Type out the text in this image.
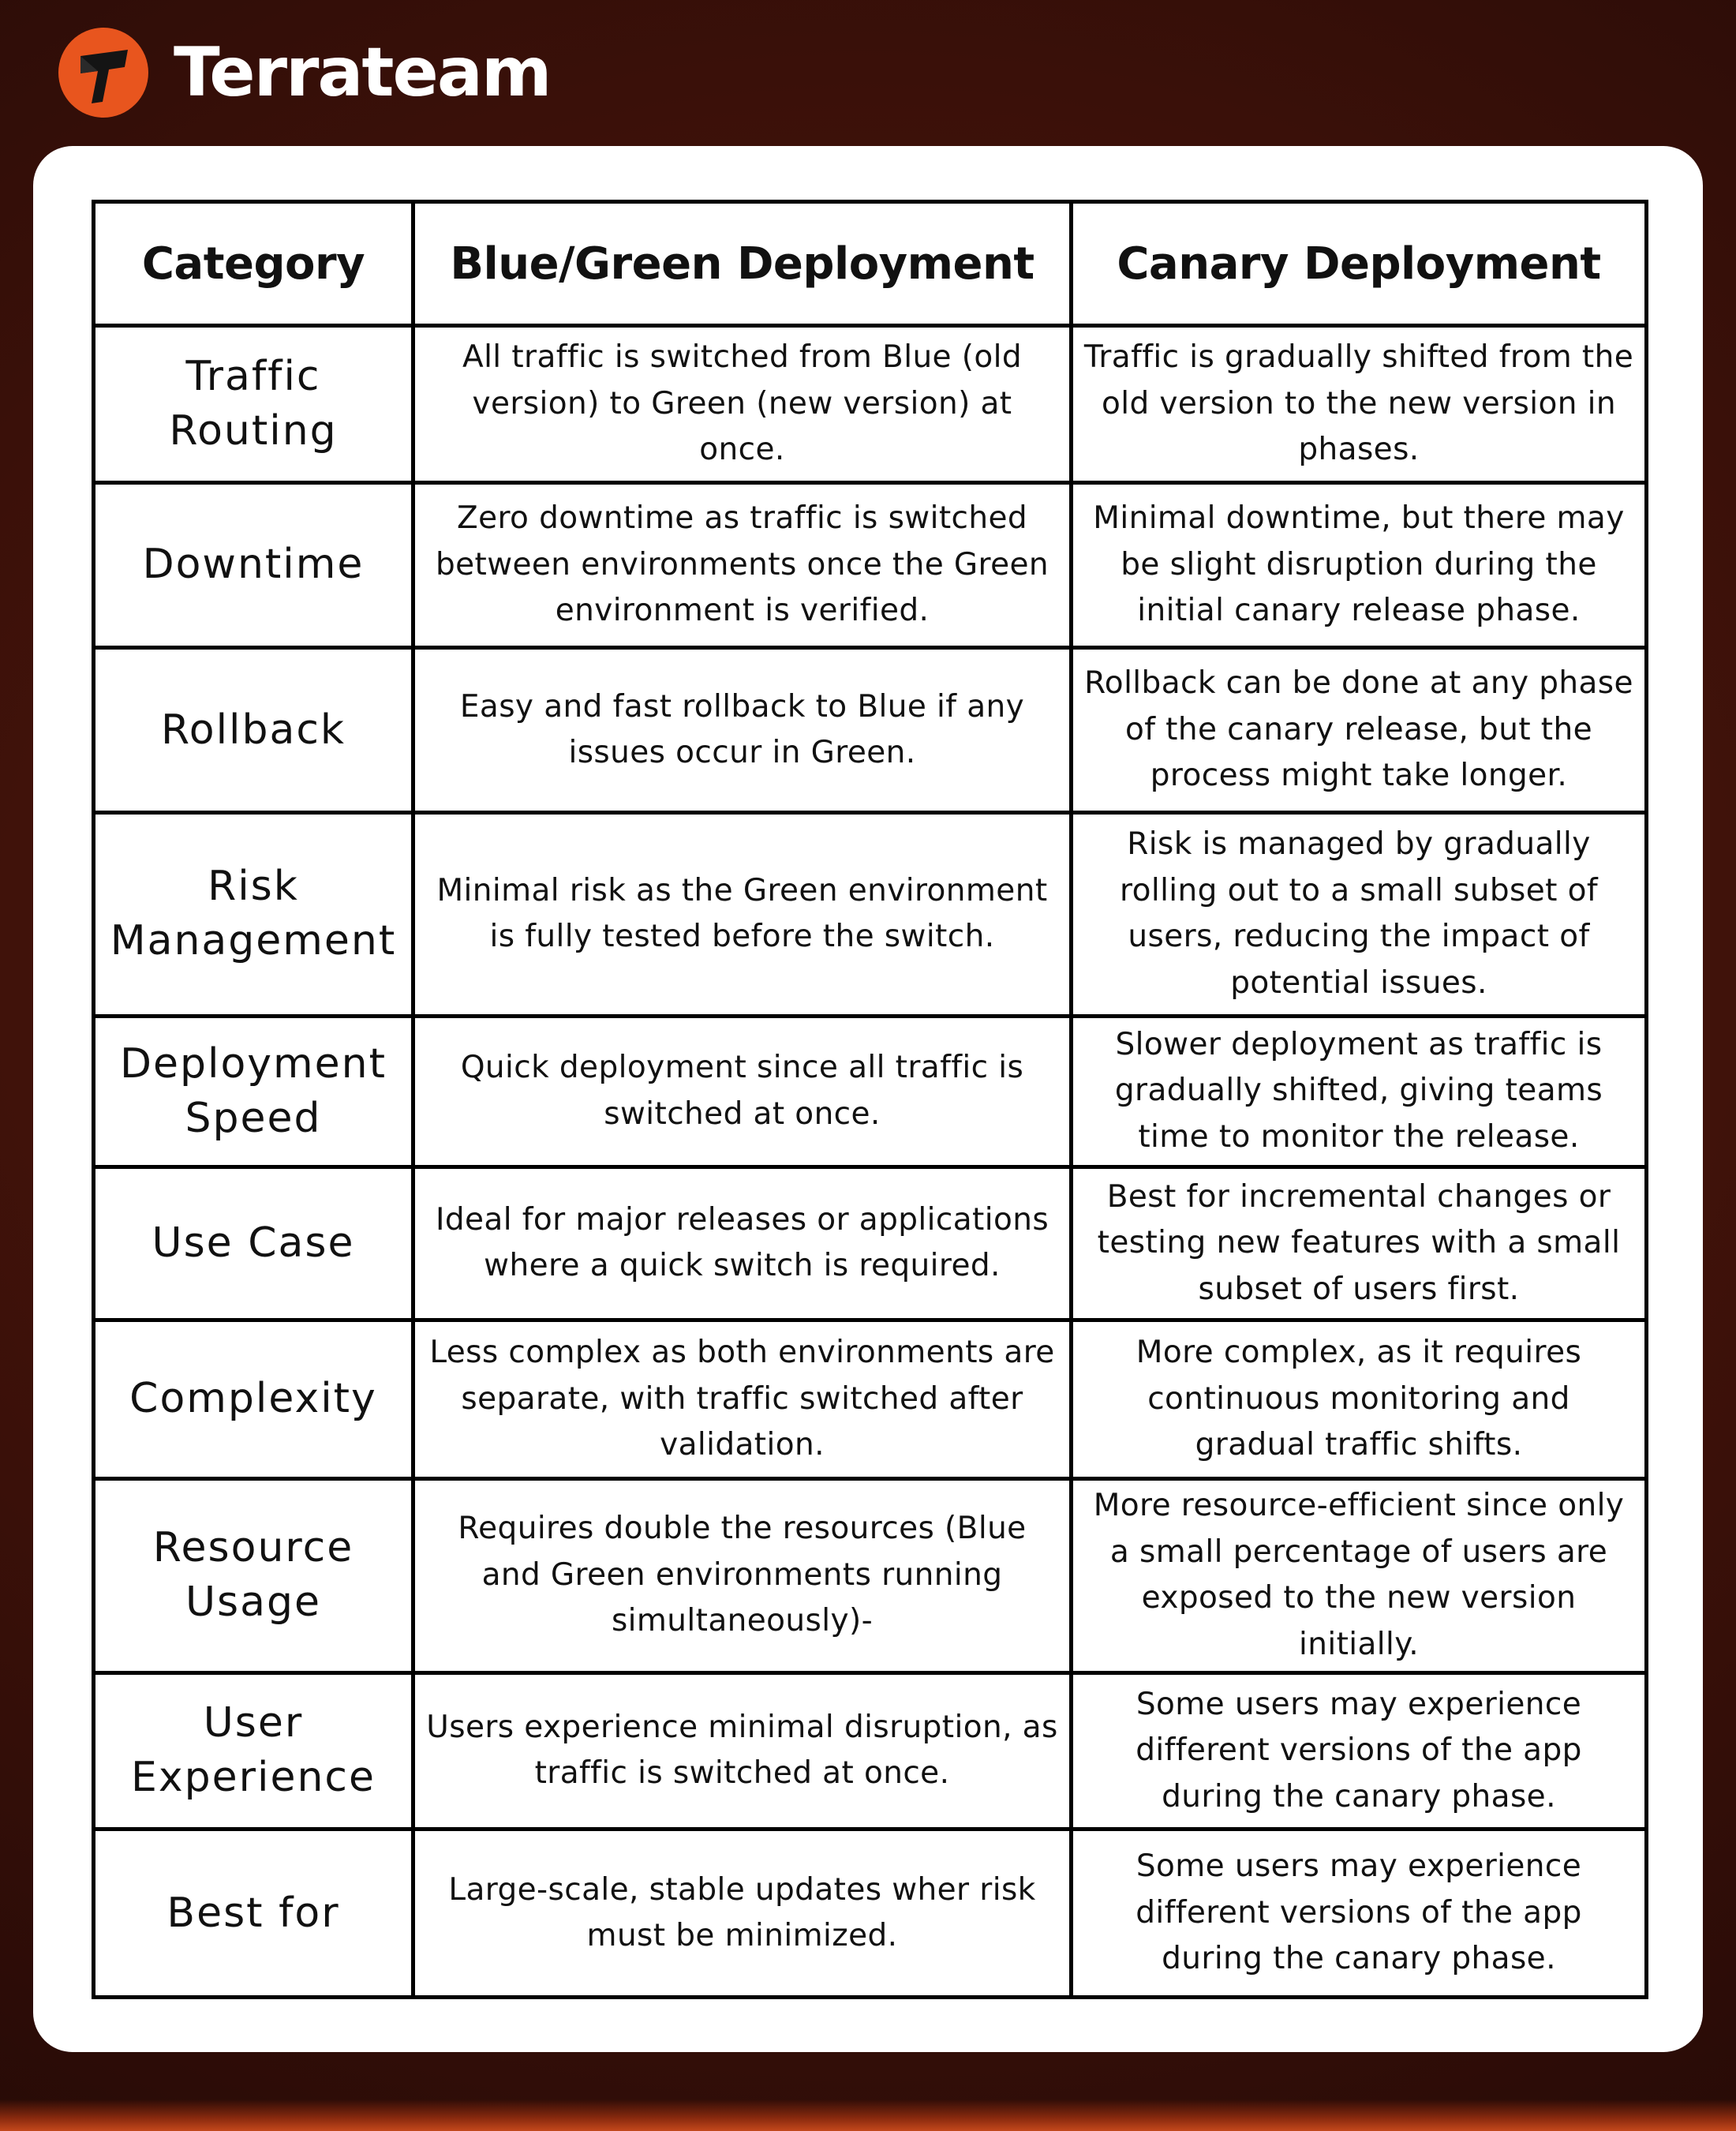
Terrateam
Category	Blue/Green Deployment	Canary Deployment
Traffic Routing	All traffic is switched from Blue (old version) to Green (new version) at once.	Traffic is gradually shifted from the old version to the new version in phases.
Downtime	Zero downtime as traffic is switched between environments once the Green environment is verified.	Minimal downtime, but there may be slight disruption during the initial canary release phase.
Rollback	Easy and fast rollback to Blue if any issues occur in Green.	Rollback can be done at any phase of the canary release, but the process might take longer.
Risk Management	Minimal risk as the Green environment is fully tested before the switch.	Risk is managed by gradually rolling out to a small subset of users, reducing the impact of potential issues.
Deployment Speed	Quick deployment since all traffic is switched at once.	Slower deployment as traffic is gradually shifted, giving teams time to monitor the release.
Use Case	Ideal for major releases or applications where a quick switch is required.	Best for incremental changes or testing new features with a small subset of users first.
Complexity	Less complex as both environments are separate, with traffic switched after validation.	More complex, as it requires continuous monitoring and gradual traffic shifts.
Resource Usage	Requires double the resources (Blue and Green environments running simultaneously)-	More resource-efficient since only a small percentage of users are exposed to the new version initially.
User Experience	Users experience minimal disruption, as traffic is switched at once.	Some users may experience different versions of the app during the canary phase.
Best for	Large-scale, stable updates wher risk must be minimized.	Some users may experience different versions of the app during the canary phase.
